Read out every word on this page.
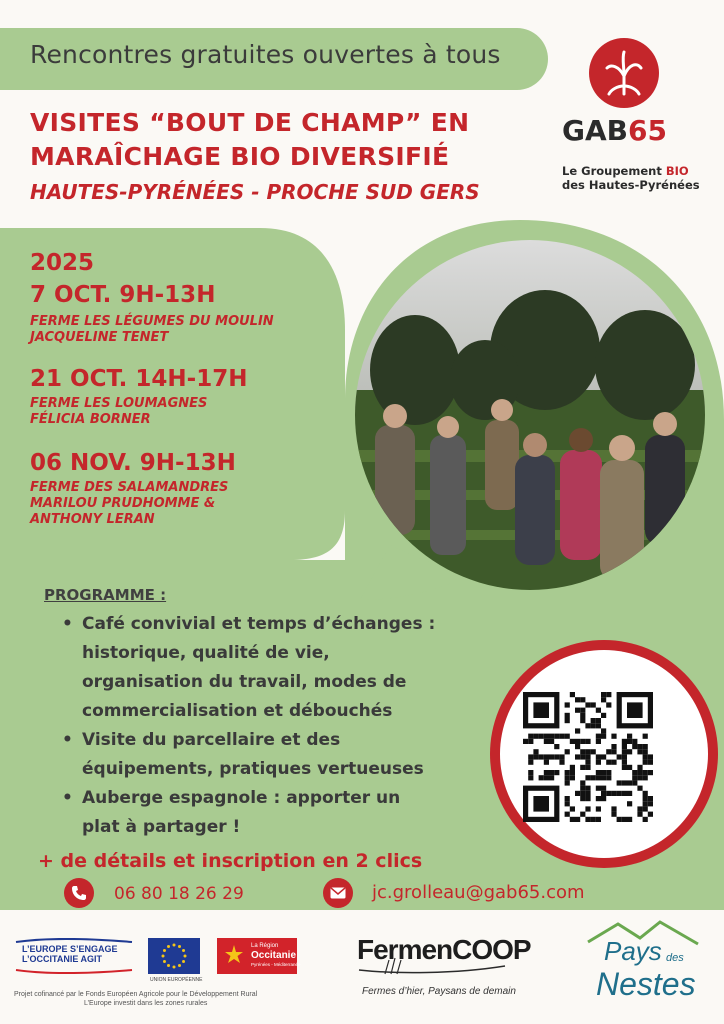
Rencontres gratuites ouvertes à tous
VISITES “BOUT DE CHAMP” EN
MARAÎCHAGE BIO DIVERSIFIÉ
HAUTES-PYRÉNÉES - PROCHE SUD GERS
GAB65
Le Groupement BIO
des Hautes-Pyrénées
2025
7 OCT. 9H-13H
FERME LES LÉGUMES DU MOULIN
JACQUELINE TENET
21 OCT. 14H-17H
FERME LES LOUMAGNES
FÉLICIA BORNER
06 NOV. 9H-13H
FERME DES SALAMANDRES
MARILOU PRUDHOMME &
ANTHONY LERAN
PROGRAMME :
• Café convivial et temps d’échanges :
historique, qualité de vie,
organisation du travail, modes de
commercialisation et débouchés
• Visite du parcellaire et des
équipements, pratiques vertueuses
• Auberge espagnole : apporter un
plat à partager !
+ de détails et inscription en 2 clics
06 80 18 26 29	jc.grolleau@gab65.com
L’EUROPE S’ENGAGE
L’OCCITANIE AGIT
UNION EUROPÉENNE
La Région
Occitanie
Pyrénées - Méditerranée
Projet cofinancé par le Fonds Européen Agricole pour le Développement Rural
L’Europe investit dans les zones rurales
FermenCOOP
Fermes d’hier, Paysans de demain
Pays des
Nestes
